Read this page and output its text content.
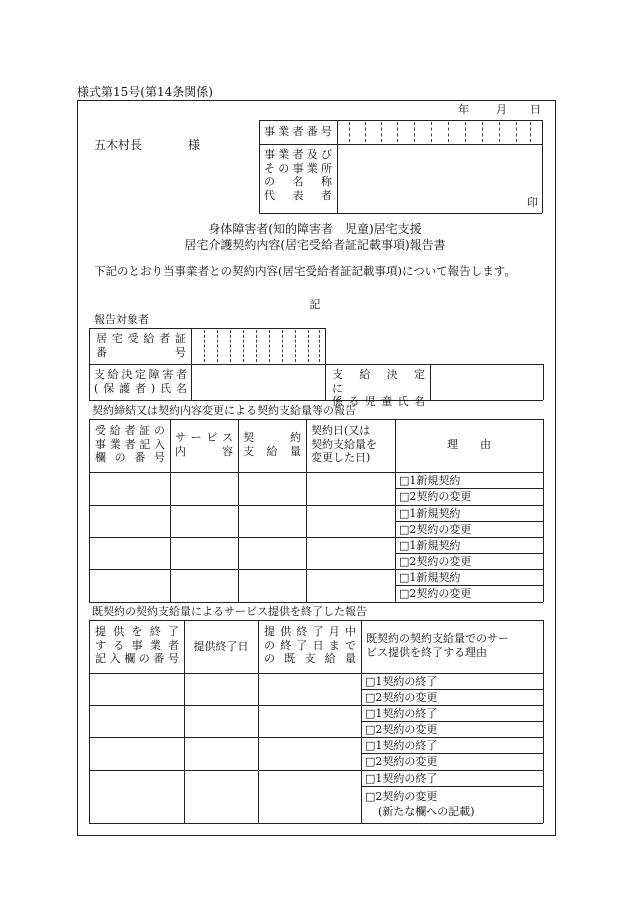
様式第15号(第14条関係)
年 月 日
五木村長	様
事業者番号
事業者及び
その事業所
の　名　称
代　表　者
印
身体障害者(知的障害者　児童)居宅支援
居宅介護契約内容(居宅受給者証記載事項)報告書
下記のとおり当事業者との契約内容(居宅受給者証記載事項)について報告します。
記
報告対象者
居宅受給者証
番　　　　号
支給決定障害者
(保護者)氏名
支　給　決　定　に
係る児童氏名
契約締結又は契約内容変更による契約支給量等の報告
受給者証の
事業者記入
欄の番号
サービス
内　　容
契　　約
支給量
契約日(又は
契約支給量を
変更した日)
理　　由
□1新規契約
□2契約の変更
□1新規契約
□2契約の変更
□1新規契約
□2契約の変更
□1新規契約
□2契約の変更
既契約の契約支給量によるサービス提供を終了した報告
提供を終了
する事業者
記入欄の番号
提供終了日
提供終了月中
の終了日まで
の既支給量
既契約の契約支給量でのサー
ビス提供を終了する理由
□1契約の終了
□2契約の変更
□1契約の終了
□2契約の変更
□1契約の終了
□2契約の変更
□1契約の終了
□2契約の変更
(新たな欄への記載)
